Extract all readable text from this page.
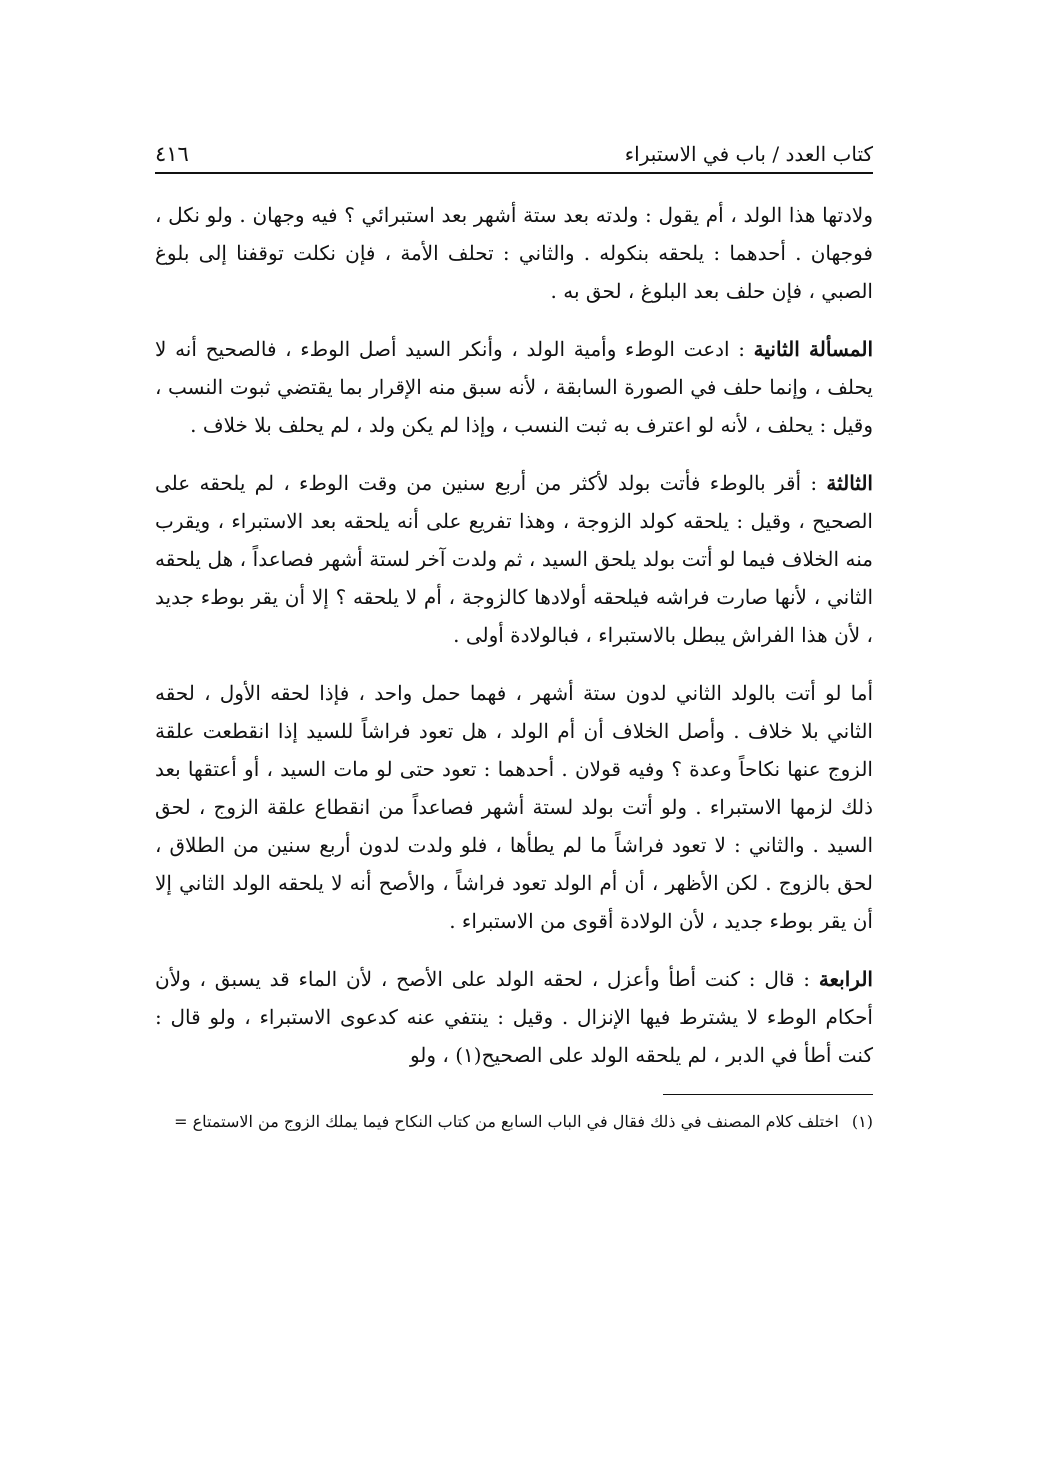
كتاب العدد / باب في الاستبراء
٤١٦

ولادتها هذا الولد ، أم يقول : ولدته بعد ستة أشهر بعد استبرائي ؟ فيه وجهان . ولو نكل ، فوجهان . أحدهما : يلحقه بنكوله . والثاني : تحلف الأمة ، فإن نكلت توقفنا إلى بلوغ الصبي ، فإن حلف بعد البلوغ ، لحق به .

المسألة الثانية : ادعت الوطء وأمية الولد ، وأنكر السيد أصل الوطء ، فالصحيح أنه لا يحلف ، وإنما حلف في الصورة السابقة ، لأنه سبق منه الإقرار بما يقتضي ثبوت النسب ، وقيل : يحلف ، لأنه لو اعترف به ثبت النسب ، وإذا لم يكن ولد ، لم يحلف بلا خلاف .

الثالثة : أقر بالوطء فأتت بولد لأكثر من أربع سنين من وقت الوطء ، لم يلحقه على الصحيح ، وقيل : يلحقه كولد الزوجة ، وهذا تفريع على أنه يلحقه بعد الاستبراء ، ويقرب منه الخلاف فيما لو أتت بولد يلحق السيد ، ثم ولدت آخر لستة أشهر فصاعداً ، هل يلحقه الثاني ، لأنها صارت فراشه فيلحقه أولادها كالزوجة ، أم لا يلحقه ؟ إلا أن يقر بوطء جديد ، لأن هذا الفراش يبطل بالاستبراء ، فبالولادة أولى .

أما لو أتت بالولد الثاني لدون ستة أشهر ، فهما حمل واحد ، فإذا لحقه الأول ، لحقه الثاني بلا خلاف . وأصل الخلاف أن أم الولد ، هل تعود فراشاً للسيد إذا انقطعت علقة الزوج عنها نكاحاً وعدة ؟ وفيه قولان . أحدهما : تعود حتى لو مات السيد ، أو أعتقها بعد ذلك لزمها الاستبراء . ولو أتت بولد لستة أشهر فصاعداً من انقطاع علقة الزوج ، لحق السيد . والثاني : لا تعود فراشاً ما لم يطأها ، فلو ولدت لدون أربع سنين من الطلاق ، لحق بالزوج . لكن الأظهر ، أن أم الولد تعود فراشاً ، والأصح أنه لا يلحقه الولد الثاني إلا أن يقر بوطء جديد ، لأن الولادة أقوى من الاستبراء .

الرابعة : قال : كنت أطأ وأعزل ، لحقه الولد على الأصح ، لأن الماء قد يسبق ، ولأن أحكام الوطء لا يشترط فيها الإنزال . وقيل : ينتفي عنه كدعوى الاستبراء ، ولو قال : كنت أطأ في الدبر ، لم يلحقه الولد على الصحيح(١) ، ولو

(١) اختلف كلام المصنف في ذلك فقال في الباب السابع من كتاب النكاح فيما يملك الزوج من الاستمتاع =
